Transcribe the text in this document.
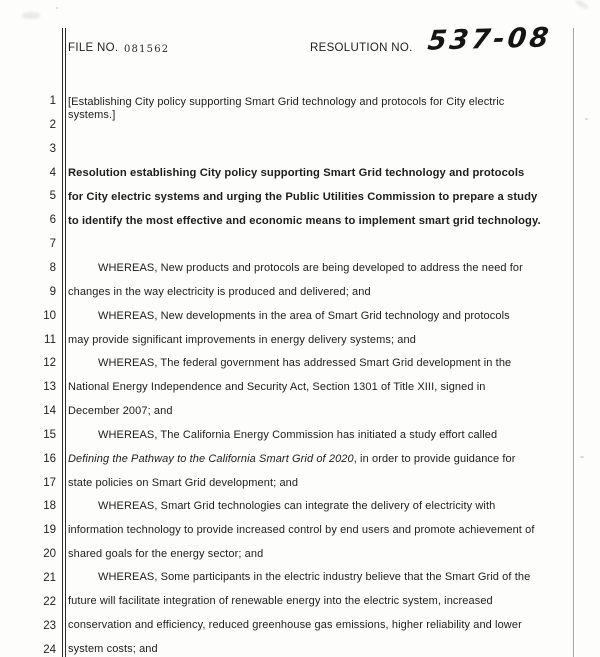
FILE NO. 081562	RESOLUTION NO. 537-08
1
2
3
4
5
6
7
8
9
10
11
12
13
14
15
16
17
18
19
20
21
22
23
24
[Establishing City policy supporting Smart Grid technology and protocols for City electric
systems.]
Resolution establishing City policy supporting Smart Grid technology and protocols
for City electric systems and urging the Public Utilities Commission to prepare a study
to identify the most effective and economic means to implement smart grid technology.
WHEREAS, New products and protocols are being developed to address the need for
changes in the way electricity is produced and delivered; and
WHEREAS, New developments in the area of Smart Grid technology and protocols
may provide significant improvements in energy delivery systems; and
WHEREAS, The federal government has addressed Smart Grid development in the
National Energy Independence and Security Act, Section 1301 of Title XIII, signed in
December 2007; and
WHEREAS, The California Energy Commission has initiated a study effort called
Defining the Pathway to the California Smart Grid of 2020, in order to provide guidance for
state policies on Smart Grid development; and
WHEREAS, Smart Grid technologies can integrate the delivery of electricity with
information technology to provide increased control by end users and promote achievement of
shared goals for the energy sector; and
WHEREAS, Some participants in the electric industry believe that the Smart Grid of the
future will facilitate integration of renewable energy into the electric system, increased
conservation and efficiency, reduced greenhouse gas emissions, higher reliability and lower
system costs; and
